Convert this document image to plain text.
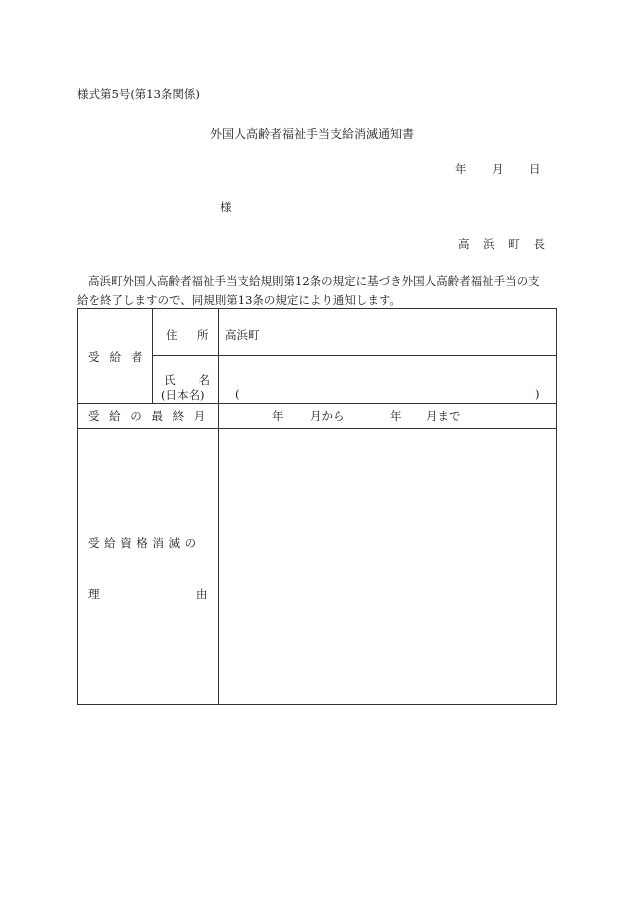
様式第5号(第13条関係)
外国人高齢者福祉手当支給消滅通知書
年 月 日
様
高 浜 町 長
高浜町外国人高齢者福祉手当支給規則第12条の規定に基づき外国人高齢者福祉手当の支
給を終了しますので、同規則第13条の規定により通知します。
受給者
住　所 高浜町
氏　　名
(日本名)	(	)
受 給 の 最 終 月	年 月から	年 月まで
受給資格消滅の
理	由
